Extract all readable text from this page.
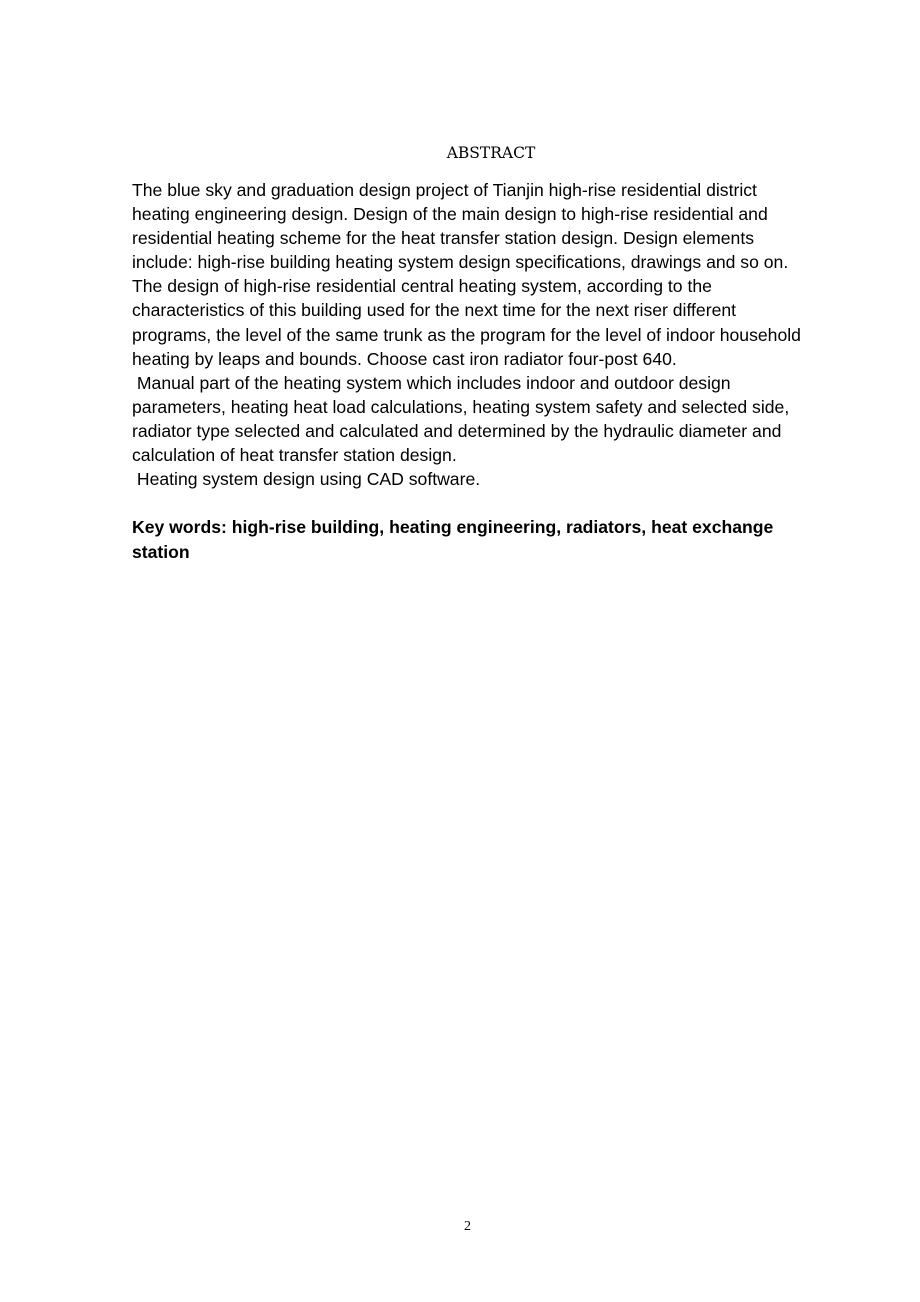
ABSTRACT
The blue sky and graduation design project of Tianjin high-rise residential district
heating engineering design. Design of the main design to high-rise residential and
residential heating scheme for the heat transfer station design. Design elements
include: high-rise building heating system design specifications, drawings and so on.
The design of high-rise residential central heating system, according to the
characteristics of this building used for the next time for the next riser different
programs, the level of the same trunk as the program for the level of indoor household
heating by leaps and bounds. Choose cast iron radiator four-post 640.
Manual part of the heating system which includes indoor and outdoor design
parameters, heating heat load calculations, heating system safety and selected side,
radiator type selected and calculated and determined by the hydraulic diameter and
calculation of heat transfer station design.
Heating system design using CAD software.
Key words: high-rise building, heating engineering, radiators, heat exchange
station
2
